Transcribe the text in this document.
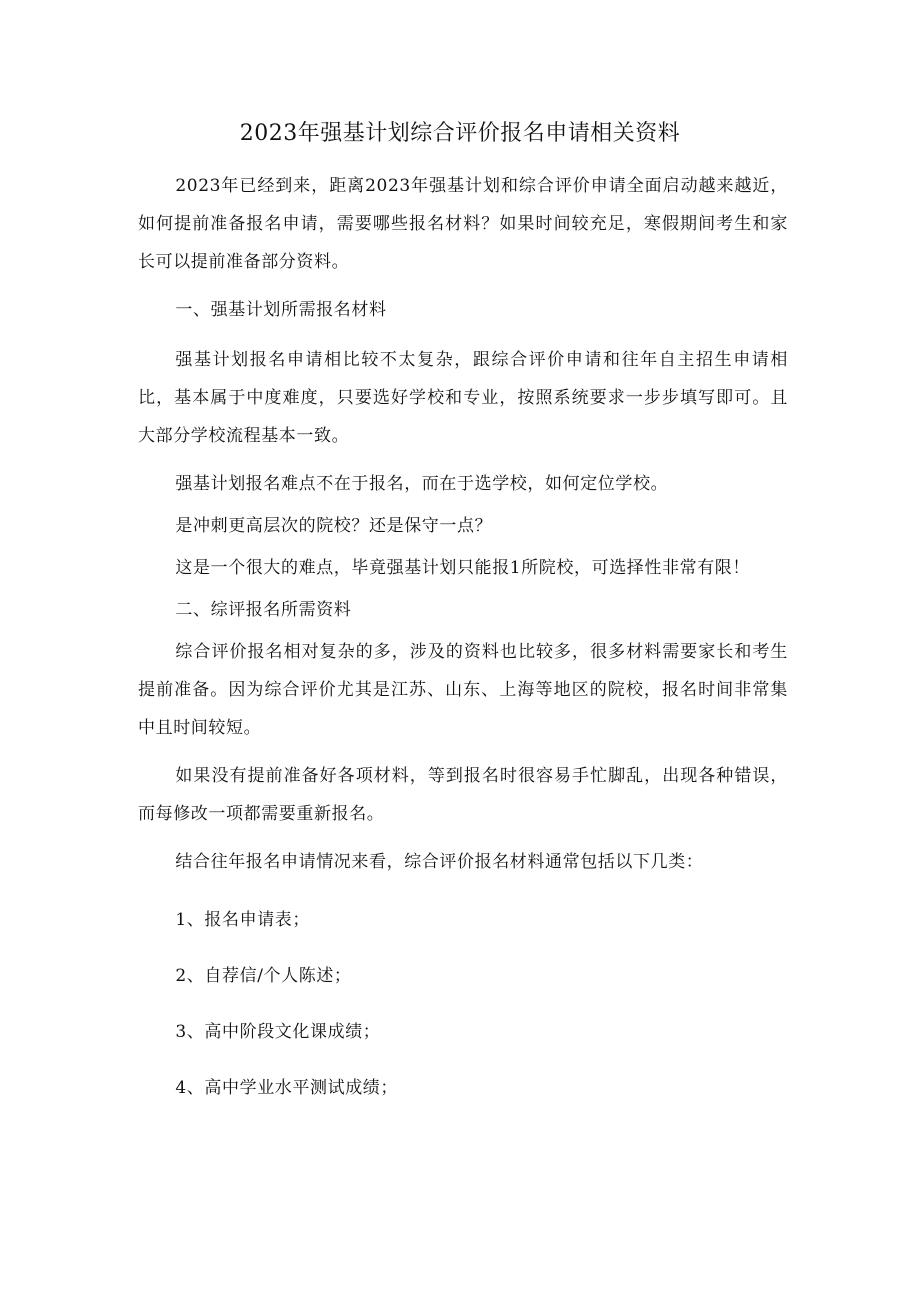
2023年强基计划综合评价报名申请相关资料

2023年已经到来，距离2023年强基计划和综合评价申请全面启动越来越近，如何提前准备报名申请，需要哪些报名材料？如果时间较充足，寒假期间考生和家长可以提前准备部分资料。

一、强基计划所需报名材料

强基计划报名申请相比较不太复杂，跟综合评价申请和往年自主招生申请相比，基本属于中度难度，只要选好学校和专业，按照系统要求一步步填写即可。且大部分学校流程基本一致。

强基计划报名难点不在于报名，而在于选学校，如何定位学校。

是冲刺更高层次的院校？还是保守一点？

这是一个很大的难点，毕竟强基计划只能报1所院校，可选择性非常有限！

二、综评报名所需资料

综合评价报名相对复杂的多，涉及的资料也比较多，很多材料需要家长和考生提前准备。因为综合评价尤其是江苏、山东、上海等地区的院校，报名时间非常集中且时间较短。

如果没有提前准备好各项材料，等到报名时很容易手忙脚乱，出现各种错误，而每修改一项都需要重新报名。

结合往年报名申请情况来看，综合评价报名材料通常包括以下几类：

1、报名申请表；

2、自荐信/个人陈述；

3、高中阶段文化课成绩；

4、高中学业水平测试成绩；
